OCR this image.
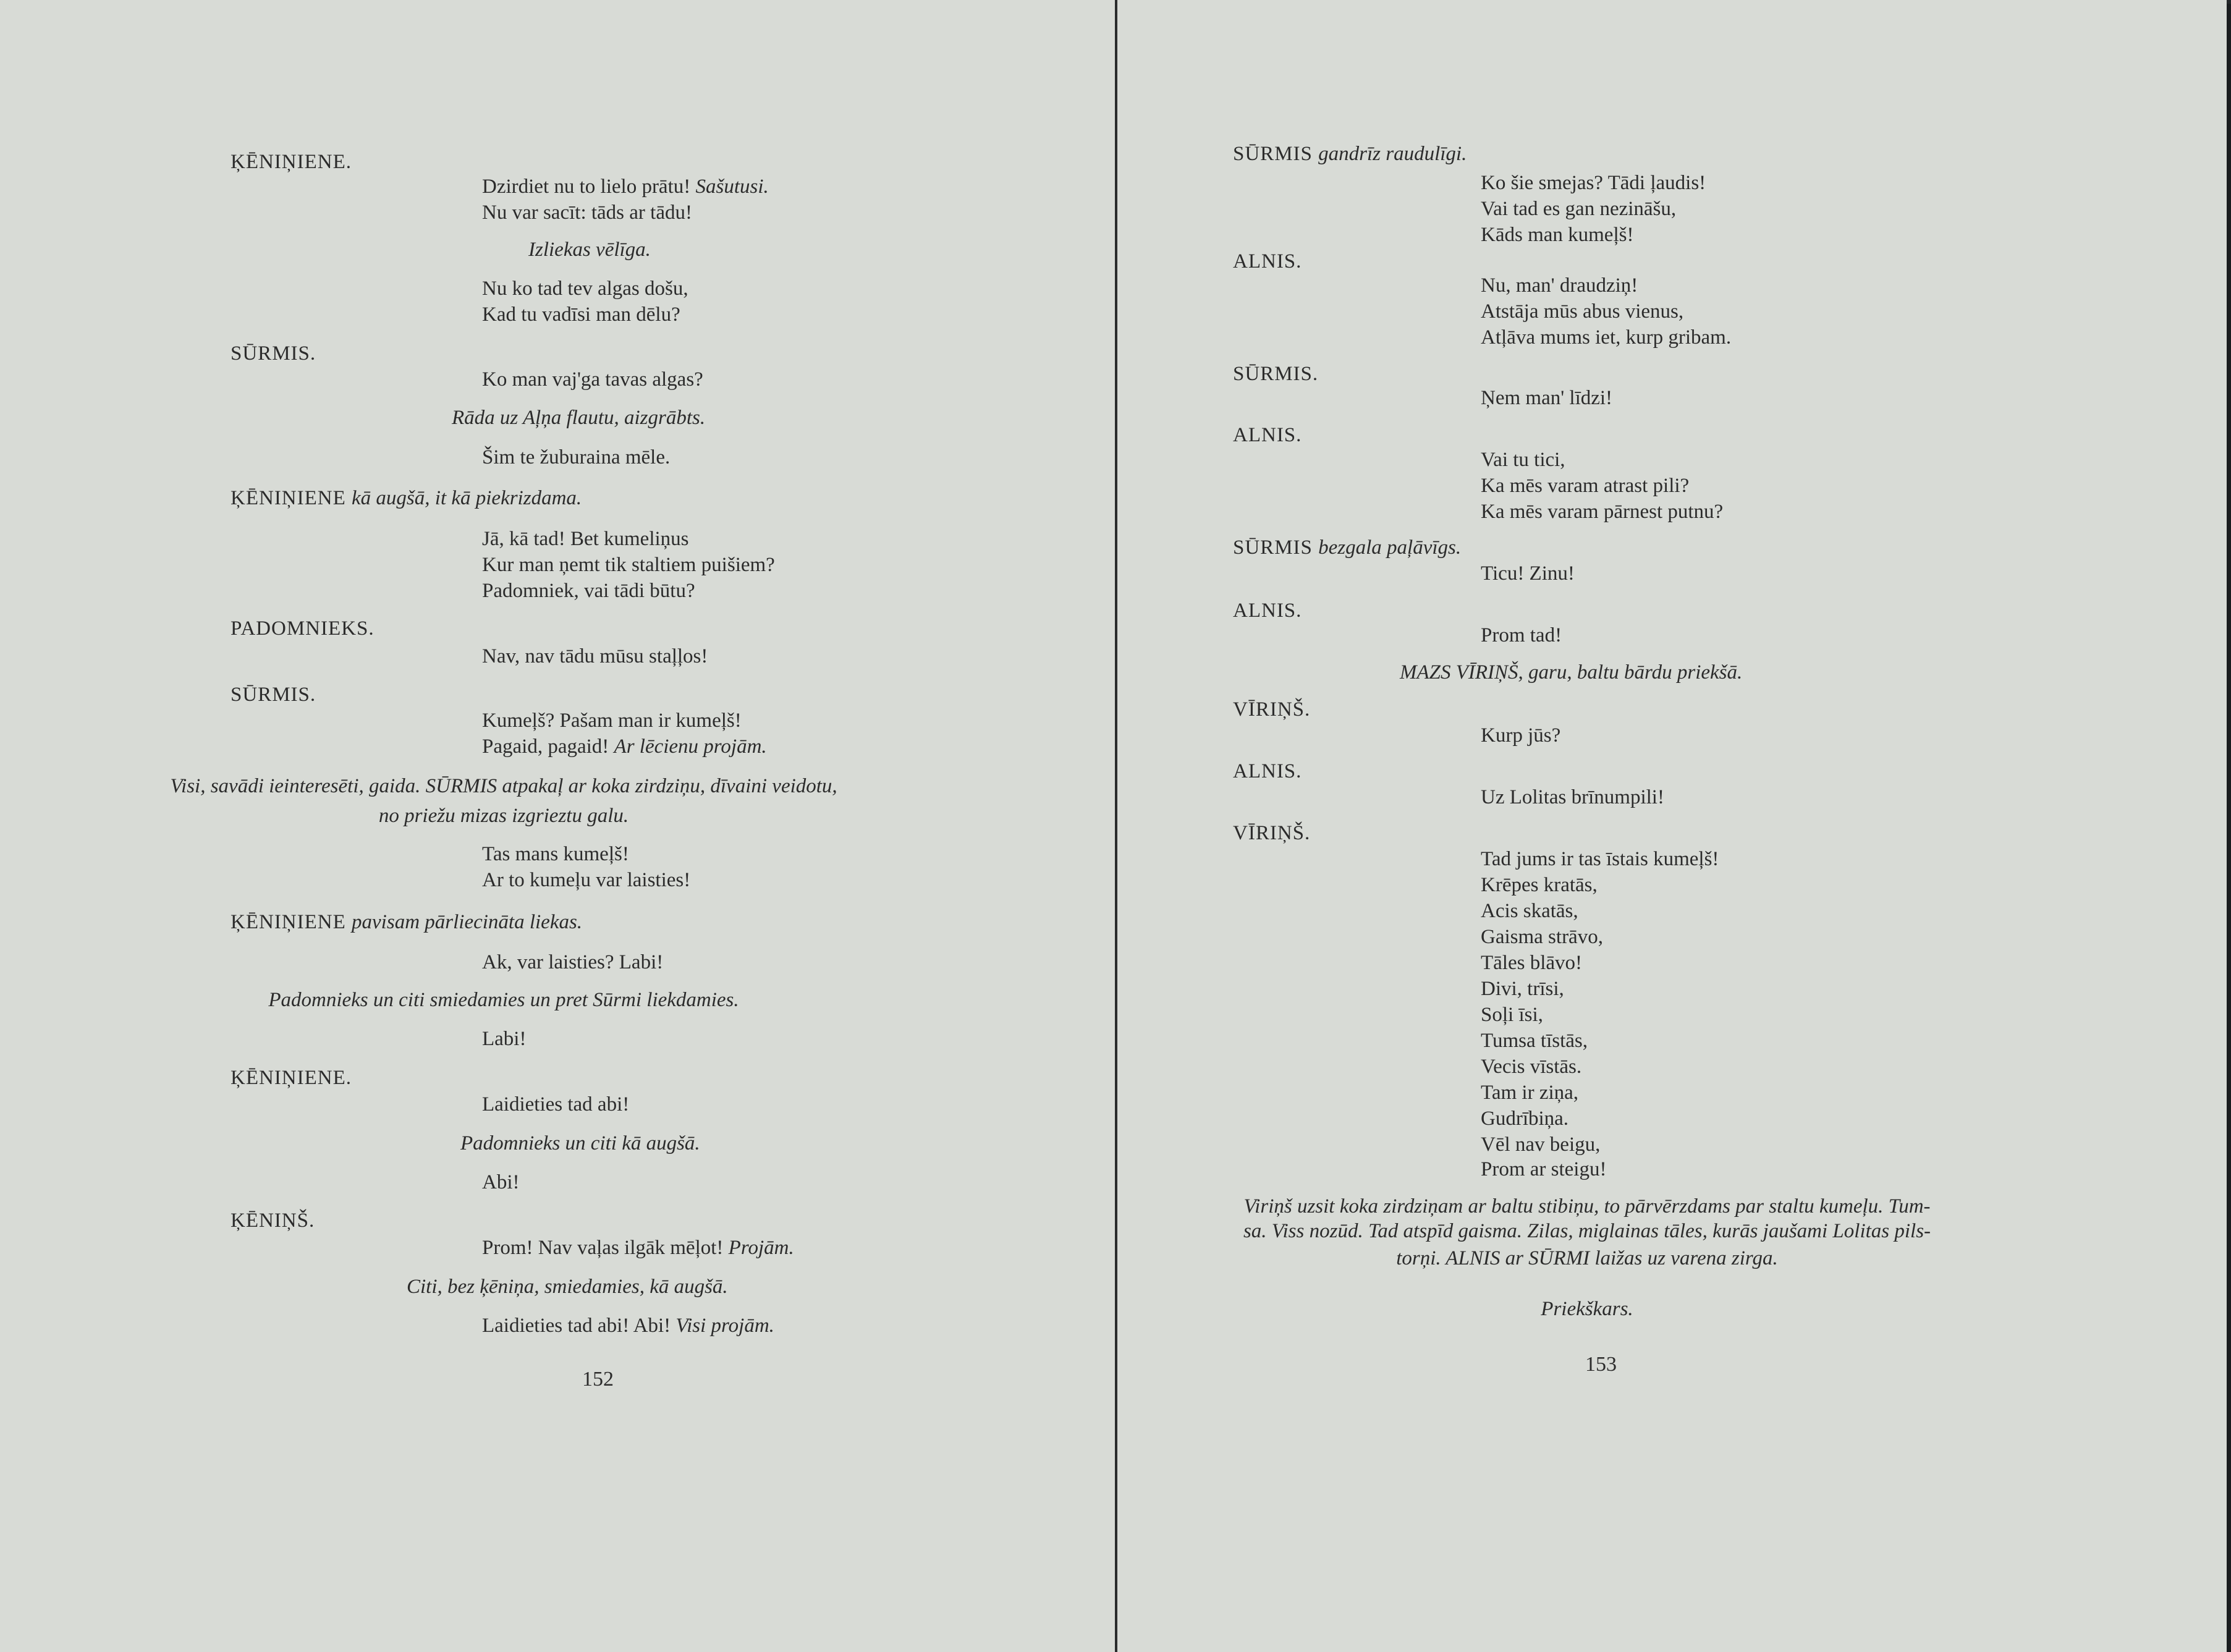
ĶĒNIŅIENE.
Dzirdiet nu to lielo prātu! Sašutusi.
Nu var sacīt: tāds ar tādu!
Izliekas vēlīga.
Nu ko tad tev algas došu,
Kad tu vadīsi man dēlu?
SŪRMIS.
Ko man vaj'ga tavas algas?
Rāda uz Aļņa flautu, aizgrābts.
Šim te žuburaina mēle.
ĶĒNIŅIENE kā augšā, it kā piekrizdama.
Jā, kā tad! Bet kumeliņus
Kur man ņemt tik staltiem puišiem?
Padomniek, vai tādi būtu?
PADOMNIEKS.
Nav, nav tādu mūsu staļļos!
SŪRMIS.
Kumeļš? Pašam man ir kumeļš!
Pagaid, pagaid! Ar lēcienu projām.
Visi, savādi ieinteresēti, gaida. SŪRMIS atpakaļ ar koka zirdziņu, dīvaini veidotu,
no priežu mizas izgrieztu galu.
Tas mans kumeļš!
Ar to kumeļu var laisties!
ĶĒNIŅIENE pavisam pārliecināta liekas.
Ak, var laisties? Labi!
Padomnieks un citi smiedamies un pret Sūrmi liekdamies.
Labi!
ĶĒNIŅIENE.
Laidieties tad abi!
Padomnieks un citi kā augšā.
Abi!
ĶĒNIŅŠ.
Prom! Nav vaļas ilgāk mēļot! Projām.
Citi, bez ķēniņa, smiedamies, kā augšā.
Laidieties tad abi! Abi! Visi projām.
152
SŪRMIS gandrīz raudulīgi.
Ko šie smejas? Tādi ļaudis!
Vai tad es gan nezināšu,
Kāds man kumeļš!
ALNIS.
Nu, man' draudziņ!
Atstāja mūs abus vienus,
Atļāva mums iet, kurp gribam.
SŪRMIS.
Ņem man' līdzi!
ALNIS.
Vai tu tici,
Ka mēs varam atrast pili?
Ka mēs varam pārnest putnu?
SŪRMIS bezgala paļāvīgs.
Ticu! Zinu!
ALNIS.
Prom tad!
MAZS VĪRIŅŠ, garu, baltu bārdu priekšā.
VĪRIŅŠ.
Kurp jūs?
ALNIS.
Uz Lolitas brīnumpili!
VĪRIŅŠ.
Tad jums ir tas īstais kumeļš!
Krēpes kratās,
Acis skatās,
Gaisma strāvo,
Tāles blāvo!
Divi, trīsi,
Soļi īsi,
Tumsa tīstās,
Vecis vīstās.
Tam ir ziņa,
Gudrībiņa.
Vēl nav beigu,
Prom ar steigu!
Viriņš uzsit koka zirdziņam ar baltu stibiņu, to pārvērzdams par staltu kumeļu. Tum-
sa. Viss nozūd. Tad atspīd gaisma. Zilas, miglainas tāles, kurās jaušami Lolitas pils-
torņi. ALNIS ar SŪRMI laižas uz varena zirga.
Priekškars.
153
